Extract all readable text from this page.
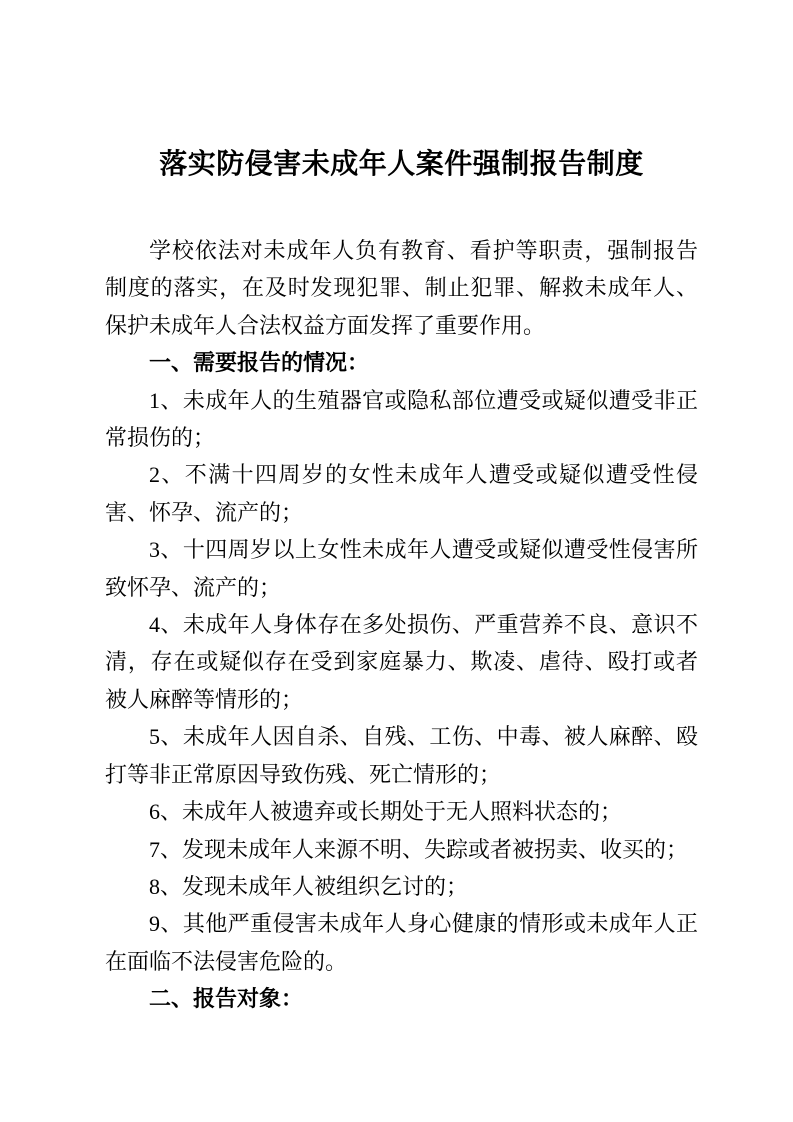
落实防侵害未成年人案件强制报告制度

学校依法对未成年人负有教育、看护等职责，强制报告制度的落实，在及时发现犯罪、制止犯罪、解救未成年人、保护未成年人合法权益方面发挥了重要作用。

一、需要报告的情况：

1、未成年人的生殖器官或隐私部位遭受或疑似遭受非正常损伤的；

2、不满十四周岁的女性未成年人遭受或疑似遭受性侵害、怀孕、流产的；

3、十四周岁以上女性未成年人遭受或疑似遭受性侵害所致怀孕、流产的；

4、未成年人身体存在多处损伤、严重营养不良、意识不清，存在或疑似存在受到家庭暴力、欺凌、虐待、殴打或者被人麻醉等情形的；

5、未成年人因自杀、自残、工伤、中毒、被人麻醉、殴打等非正常原因导致伤残、死亡情形的；

6、未成年人被遗弃或长期处于无人照料状态的；

7、发现未成年人来源不明、失踪或者被拐卖、收买的；

8、发现未成年人被组织乞讨的；

9、其他严重侵害未成年人身心健康的情形或未成年人正在面临不法侵害危险的。

二、报告对象：
